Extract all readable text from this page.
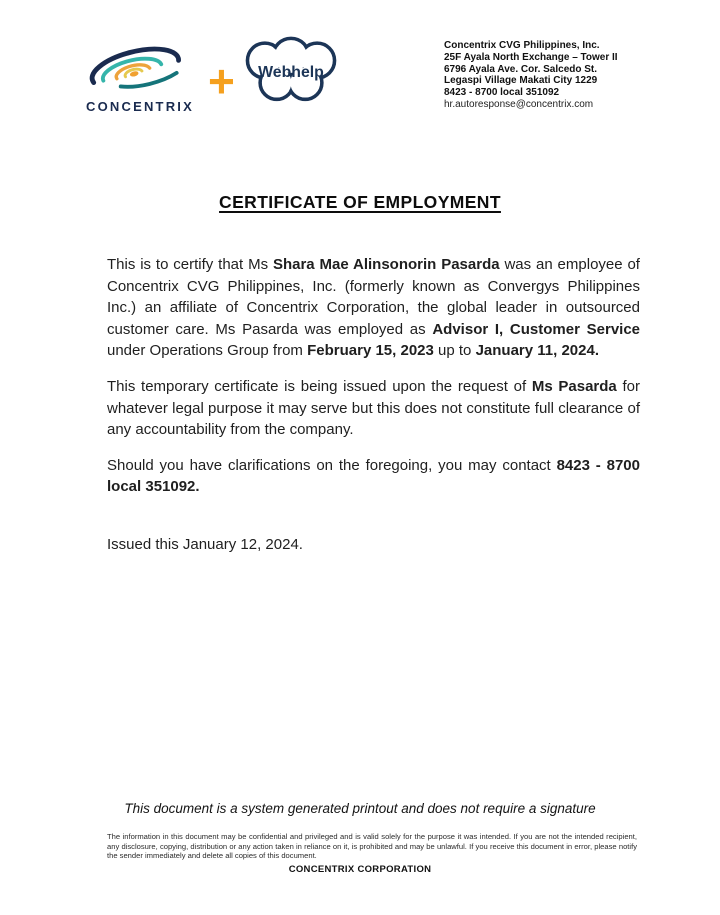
CONCENTRIX + Webhelp
Concentrix CVG Philippines, Inc.
25F Ayala North Exchange – Tower II
6796 Ayala Ave. Cor. Salcedo St.
Legaspi Village Makati City 1229
8423 - 8700 local 351092
hr.autoresponse@concentrix.com
CERTIFICATE OF EMPLOYMENT

This is to certify that Ms Shara Mae Alinsonorin Pasarda was an employee of Concentrix CVG Philippines, Inc. (formerly known as Convergys Philippines Inc.) an affiliate of Concentrix Corporation, the global leader in outsourced customer care. Ms Pasarda was employed as Advisor I, Customer Service under Operations Group from February 15, 2023 up to January 11, 2024.

This temporary certificate is being issued upon the request of Ms Pasarda for whatever legal purpose it may serve but this does not constitute full clearance of any accountability from the company.

Should you have clarifications on the foregoing, you may contact 8423 - 8700 local 351092.

Issued this January 12, 2024.

This document is a system generated printout and does not require a signature
The information in this document may be confidential and privileged and is valid solely for the purpose it was intended. If you are not the intended recipient, any disclosure, copying, distribution or any action taken in reliance on it, is prohibited and may be unlawful. If you receive this document in error, please notify the sender immediately and delete all copies of this document.
CONCENTRIX CORPORATION
